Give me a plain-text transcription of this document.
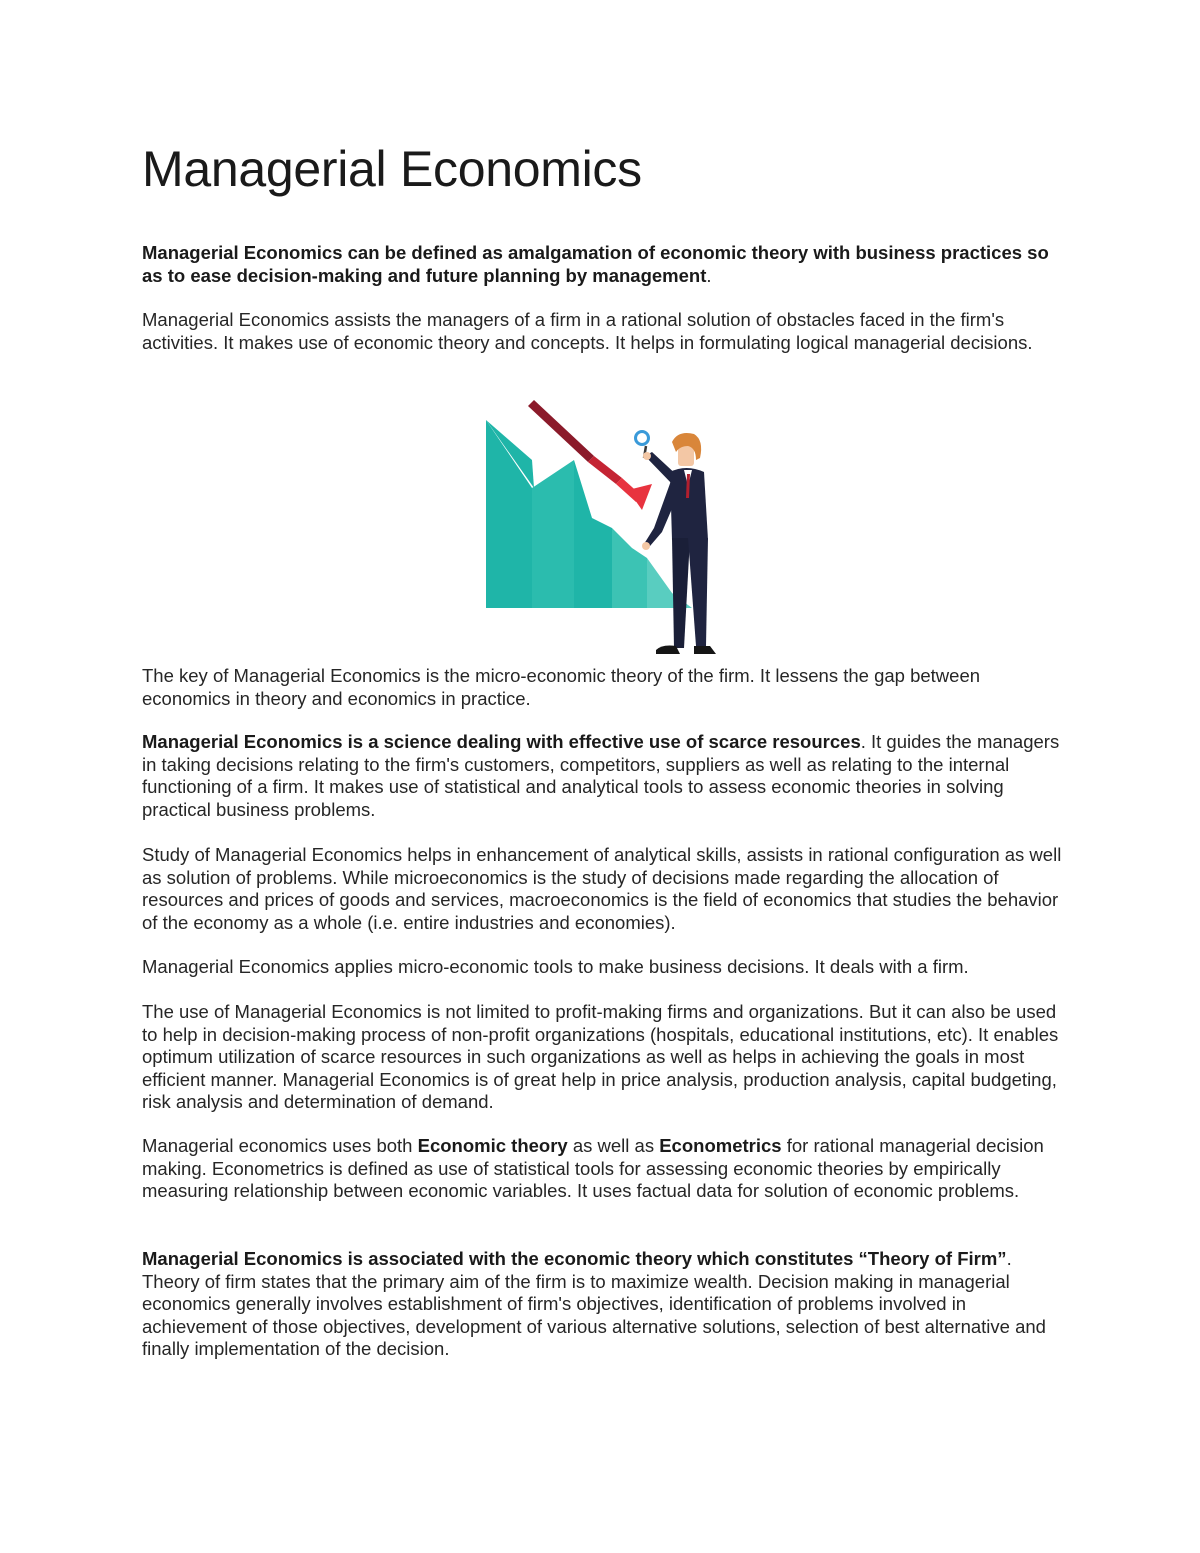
Managerial Economics

Managerial Economics can be defined as amalgamation of economic theory with business practices so as to ease decision-making and future planning by management.

Managerial Economics assists the managers of a firm in a rational solution of obstacles faced in the firm's activities. It makes use of economic theory and concepts. It helps in formulating logical managerial decisions.

The key of Managerial Economics is the micro-economic theory of the firm. It lessens the gap between economics in theory and economics in practice.

Managerial Economics is a science dealing with effective use of scarce resources. It guides the managers in taking decisions relating to the firm's customers, competitors, suppliers as well as relating to the internal functioning of a firm. It makes use of statistical and analytical tools to assess economic theories in solving practical business problems.

Study of Managerial Economics helps in enhancement of analytical skills, assists in rational configuration as well as solution of problems. While microeconomics is the study of decisions made regarding the allocation of resources and prices of goods and services, macroeconomics is the field of economics that studies the behavior of the economy as a whole (i.e. entire industries and economies).

Managerial Economics applies micro-economic tools to make business decisions. It deals with a firm.

The use of Managerial Economics is not limited to profit-making firms and organizations. But it can also be used to help in decision-making process of non-profit organizations (hospitals, educational institutions, etc). It enables optimum utilization of scarce resources in such organizations as well as helps in achieving the goals in most efficient manner. Managerial Economics is of great help in price analysis, production analysis, capital budgeting, risk analysis and determination of demand.

Managerial economics uses both Economic theory as well as Econometrics for rational managerial decision making. Econometrics is defined as use of statistical tools for assessing economic theories by empirically measuring relationship between economic variables. It uses factual data for solution of economic problems.

Managerial Economics is associated with the economic theory which constitutes “Theory of Firm”. Theory of firm states that the primary aim of the firm is to maximize wealth. Decision making in managerial economics generally involves establishment of firm's objectives, identification of problems involved in achievement of those objectives, development of various alternative solutions, selection of best alternative and finally implementation of the decision.
